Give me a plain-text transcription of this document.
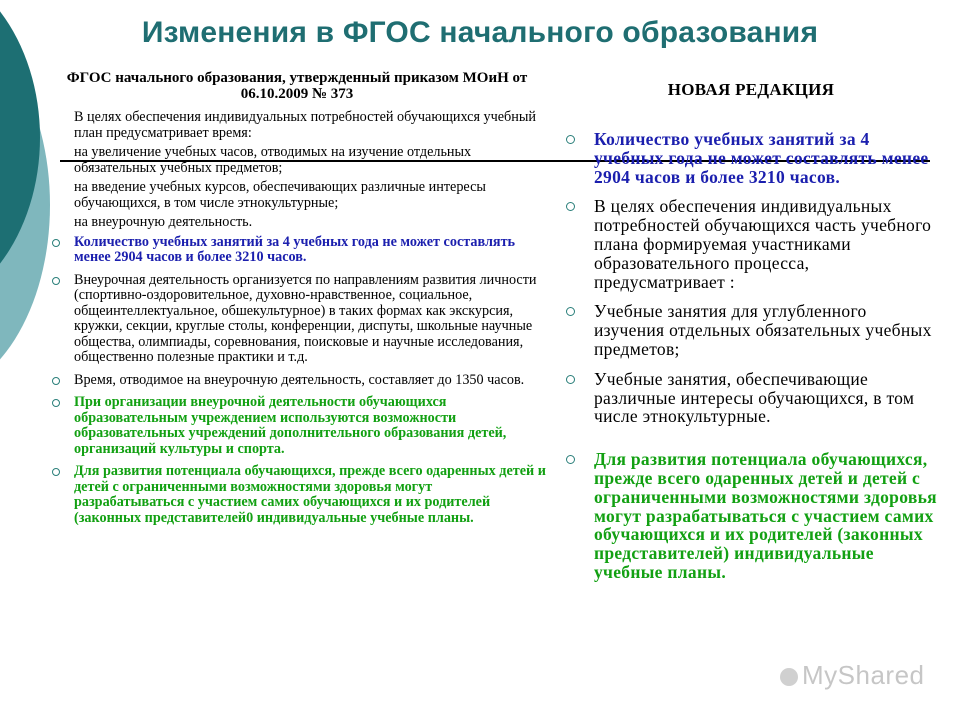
Изменения в ФГОС начального образования
ФГОС начального образования, утвержденный приказом МОиН от 06.10.2009 № 373
В целях обеспечения индивидуальных потребностей обучающихся учебный план предусматривает время:
на увеличение учебных часов, отводимых на изучение отдельных обязательных учебных предметов;
на введение учебных курсов, обеспечивающих различные интересы обучающихся, в том числе этнокультурные;
на внеурочную деятельность.
Количество учебных занятий за 4 учебных года не может составлять менее 2904 часов и более 3210 часов.
Внеурочная деятельность организуется по направлениям развития личности (спортивно-оздоровительное, духовно-нравственное, социальное, общеинтеллектуальное, обшекультурное) в таких формах как экскурсия, кружки, секции, круглые столы, конференции, диспуты, школьные научные общества, олимпиады, соревнования, поисковые и научные исследования, общественно полезные практики и т.д.
Время, отводимое на внеурочную деятельность, составляет до 1350 часов.
При организации внеурочной деятельности обучающихся образовательным учреждением используются возможности образовательных учреждений дополнительного образования детей, организаций культуры и спорта.
Для развития потенциала обучающихся, прежде всего одаренных детей и детей с ограниченными возможностями здоровья могут разрабатываться с участием самих обучающихся и их родителей (законных представителей0 индивидуальные учебные планы.
НОВАЯ РЕДАКЦИЯ
Количество учебных занятий за 4 учебных года не может составлять менее 2904 часов и более 3210 часов.
В целях обеспечения индивидуальных потребностей обучающихся часть учебного плана формируемая участниками образовательного процесса, предусматривает :
Учебные занятия для углубленного изучения отдельных обязательных учебных предметов;
Учебные занятия, обеспечивающие различные интересы обучающихся, в том числе этнокультурные.
Для развития потенциала обучающихся, прежде всего одаренных детей и детей с ограниченными возможностями здоровья могут разрабатываться с участием самих обучающихся и их родителей (законных представителей) индивидуальные учебные планы.
MyShared
